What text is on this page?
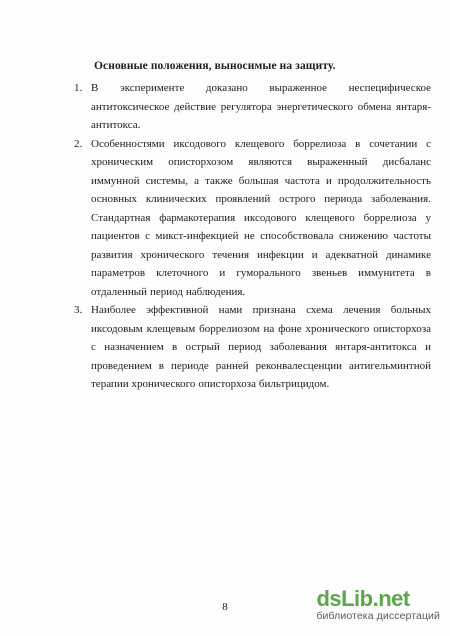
Основные положения, выносимые на защиту.
1. В эксперименте доказано выраженное неспецифическое антитоксическое действие регулятора энергетического обмена янтаря-антитокса.
2. Особенностями иксодового клещевого боррелиоза в сочетании с хроническим описторхозом являются выраженный дисбаланс иммунной системы, а также большая частота и продолжительность основных клинических проявлений острого периода заболевания. Стандартная фармакотерапия иксодового клещевого боррелиоза у пациентов с микст-инфекцией не способствовала снижению частоты развития хронического течения инфекции и адекватной динамике параметров клеточного и гуморального звеньев иммунитета в отдаленный период наблюдения.
3. Наиболее эффективной нами признана схема лечения больных иксодовым клещевым боррелиозом на фоне хронического описторхоза с назначением в острый период заболевания янтаря-антитокса и проведением в периоде ранней реконвалесценции антигельминтной терапии хронического описторхоза бильтрицидом.
8	dsLib.net
библиотека диссертаций
